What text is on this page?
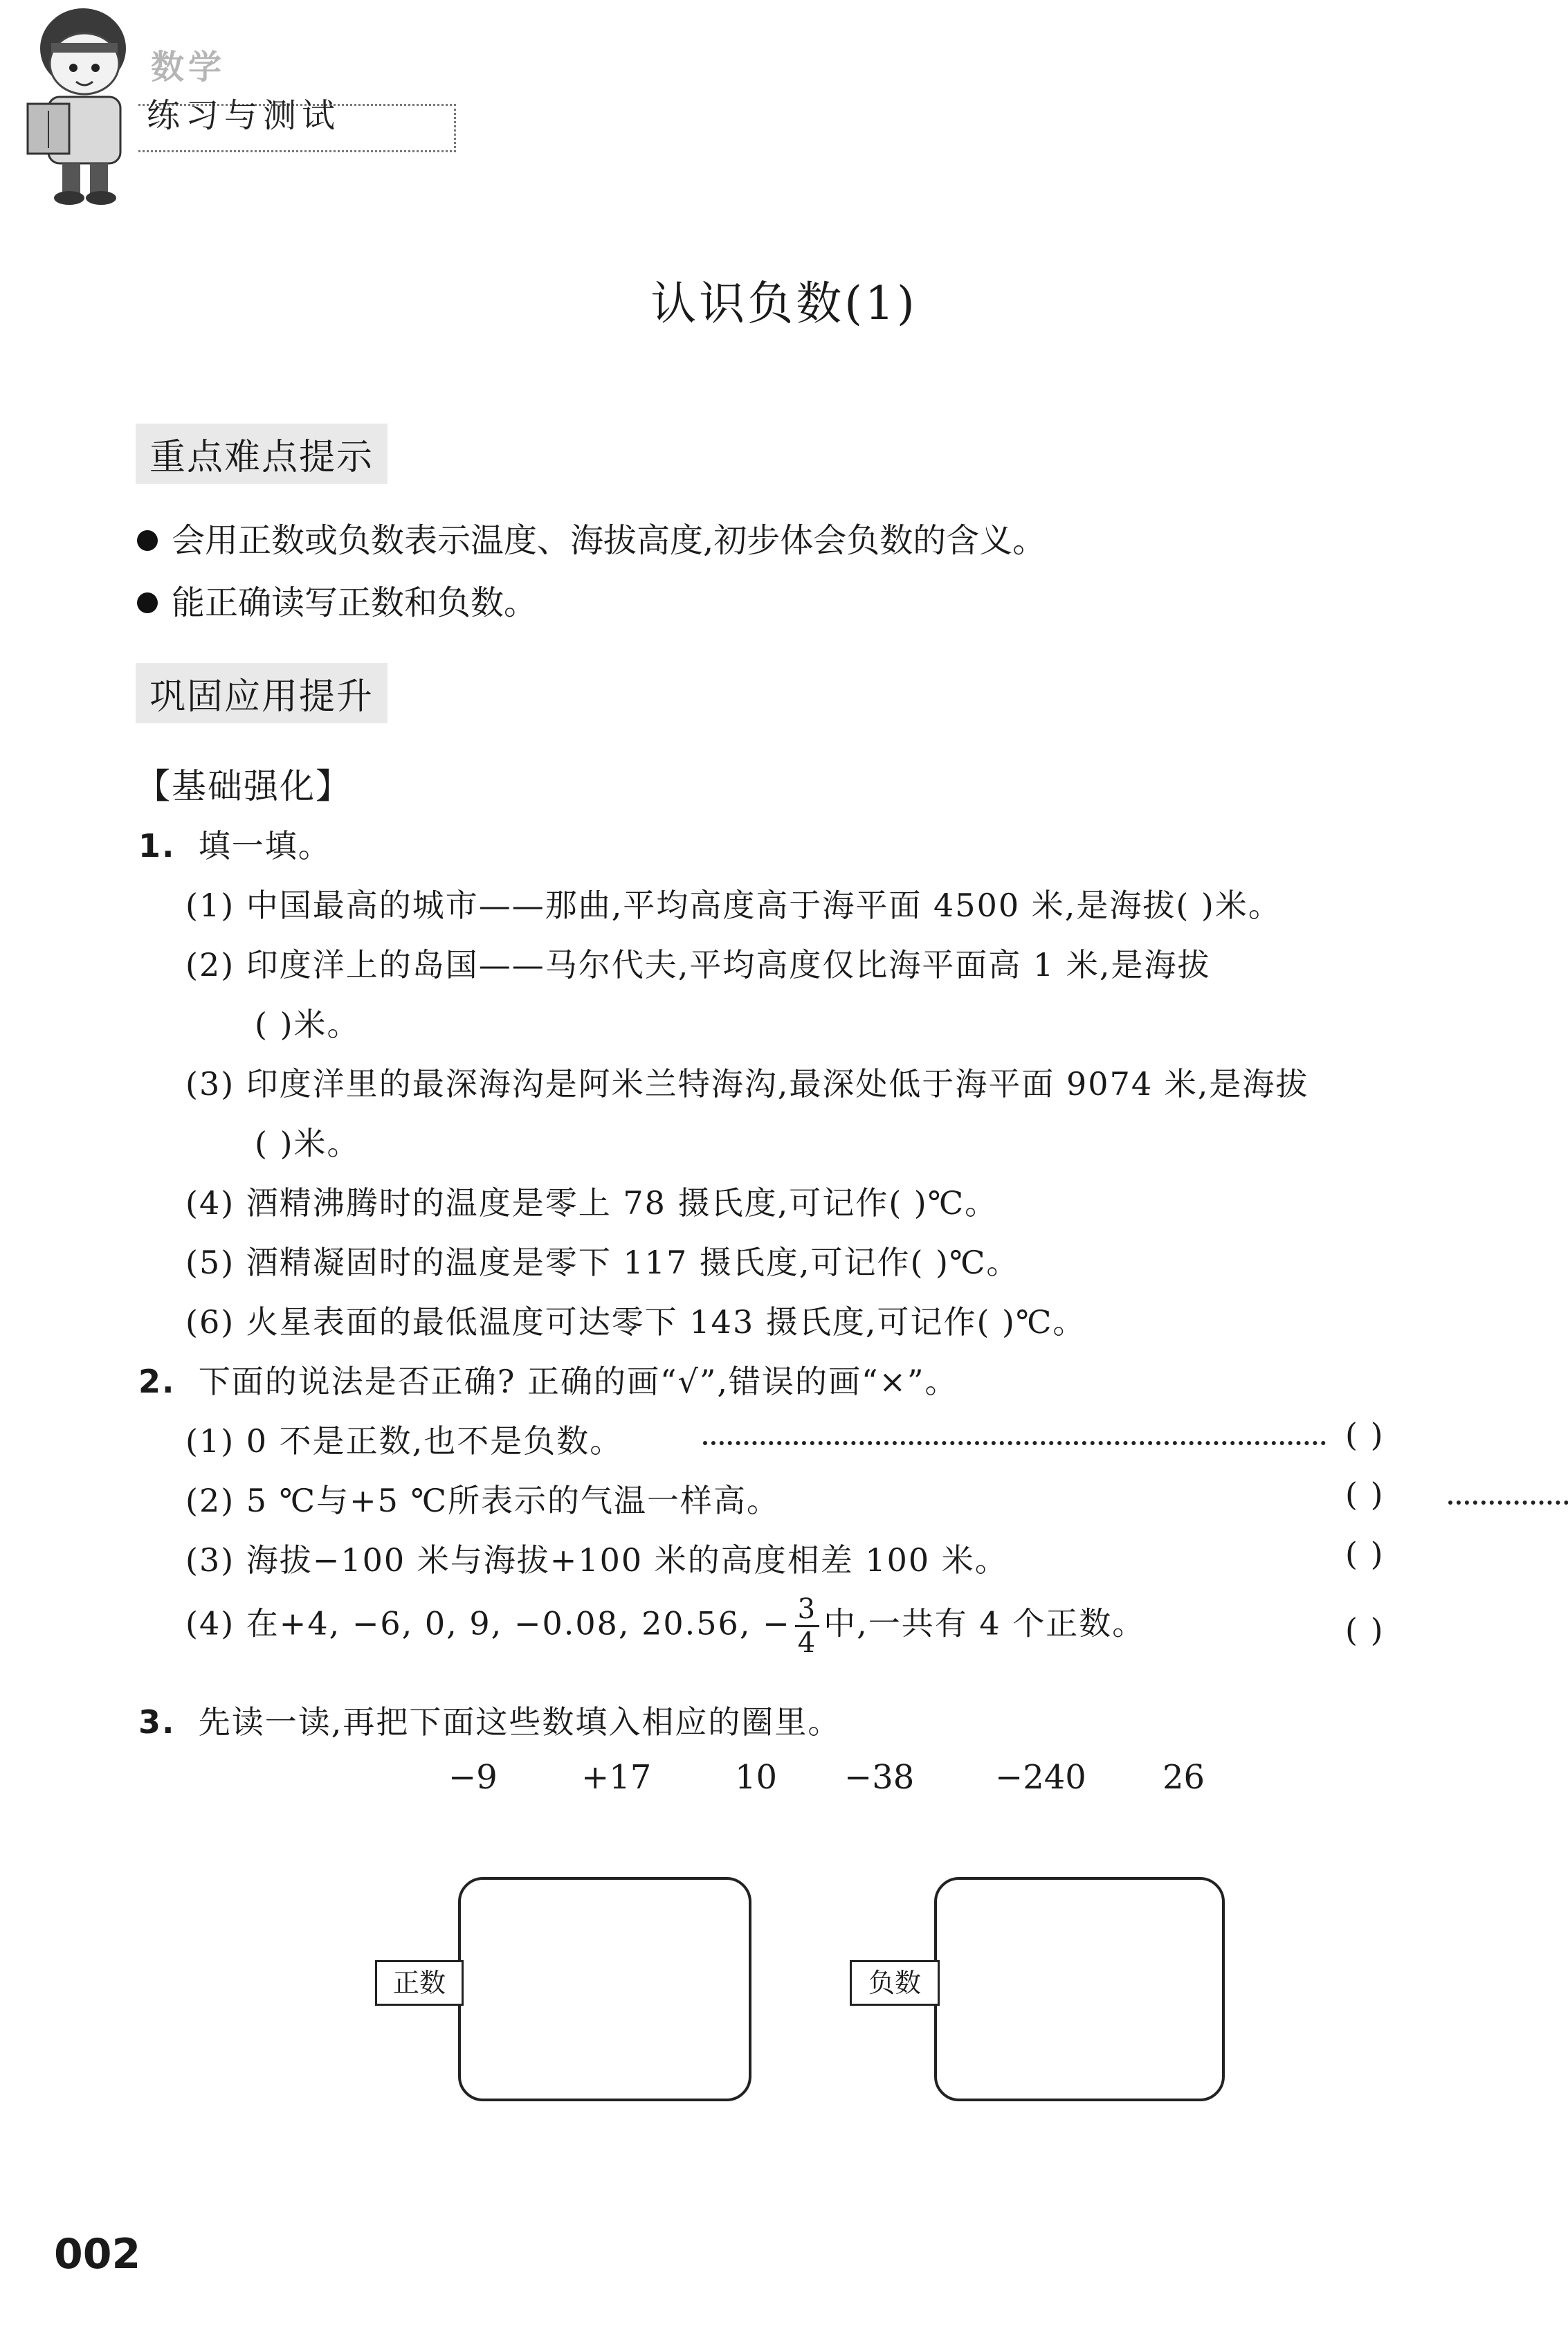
数学
练习与测试
认识负数(1)
重点难点提示
会用正数或负数表示温度、海拔高度,初步体会负数的含义。
能正确读写正数和负数。
巩固应用提升
【基础强化】
1. 填一填。
(1) 中国最高的城市——那曲,平均高度高于海平面 4500 米,是海拔( )米。
(2) 印度洋上的岛国——马尔代夫,平均高度仅比海平面高 1 米,是海拔
( )米。
(3) 印度洋里的最深海沟是阿米兰特海沟,最深处低于海平面 9074 米,是海拔
( )米。
(4) 酒精沸腾时的温度是零上 78 摄氏度,可记作( )℃。
(5) 酒精凝固时的温度是零下 117 摄氏度,可记作( )℃。
(6) 火星表面的最低温度可达零下 143 摄氏度,可记作( )℃。
2. 下面的说法是否正确? 正确的画“√”,错误的画“×”。
(1) 0 不是正数,也不是负数。
	( )
(2) 5 ℃与+5 ℃所表示的气温一样高。
	( )
(3) 海拔−100 米与海拔+100 米的高度相差 100 米。
	( )
(4) 在+4, −6, 0, 9, −0.08, 20.56, − $\frac{3}{4}$ 中,一共有 4 个正数。	( )
3. 先读一读,再把下面这些数填入相应的圈里。
−9	+17	10 −38 −240 26
正数	负数
002
